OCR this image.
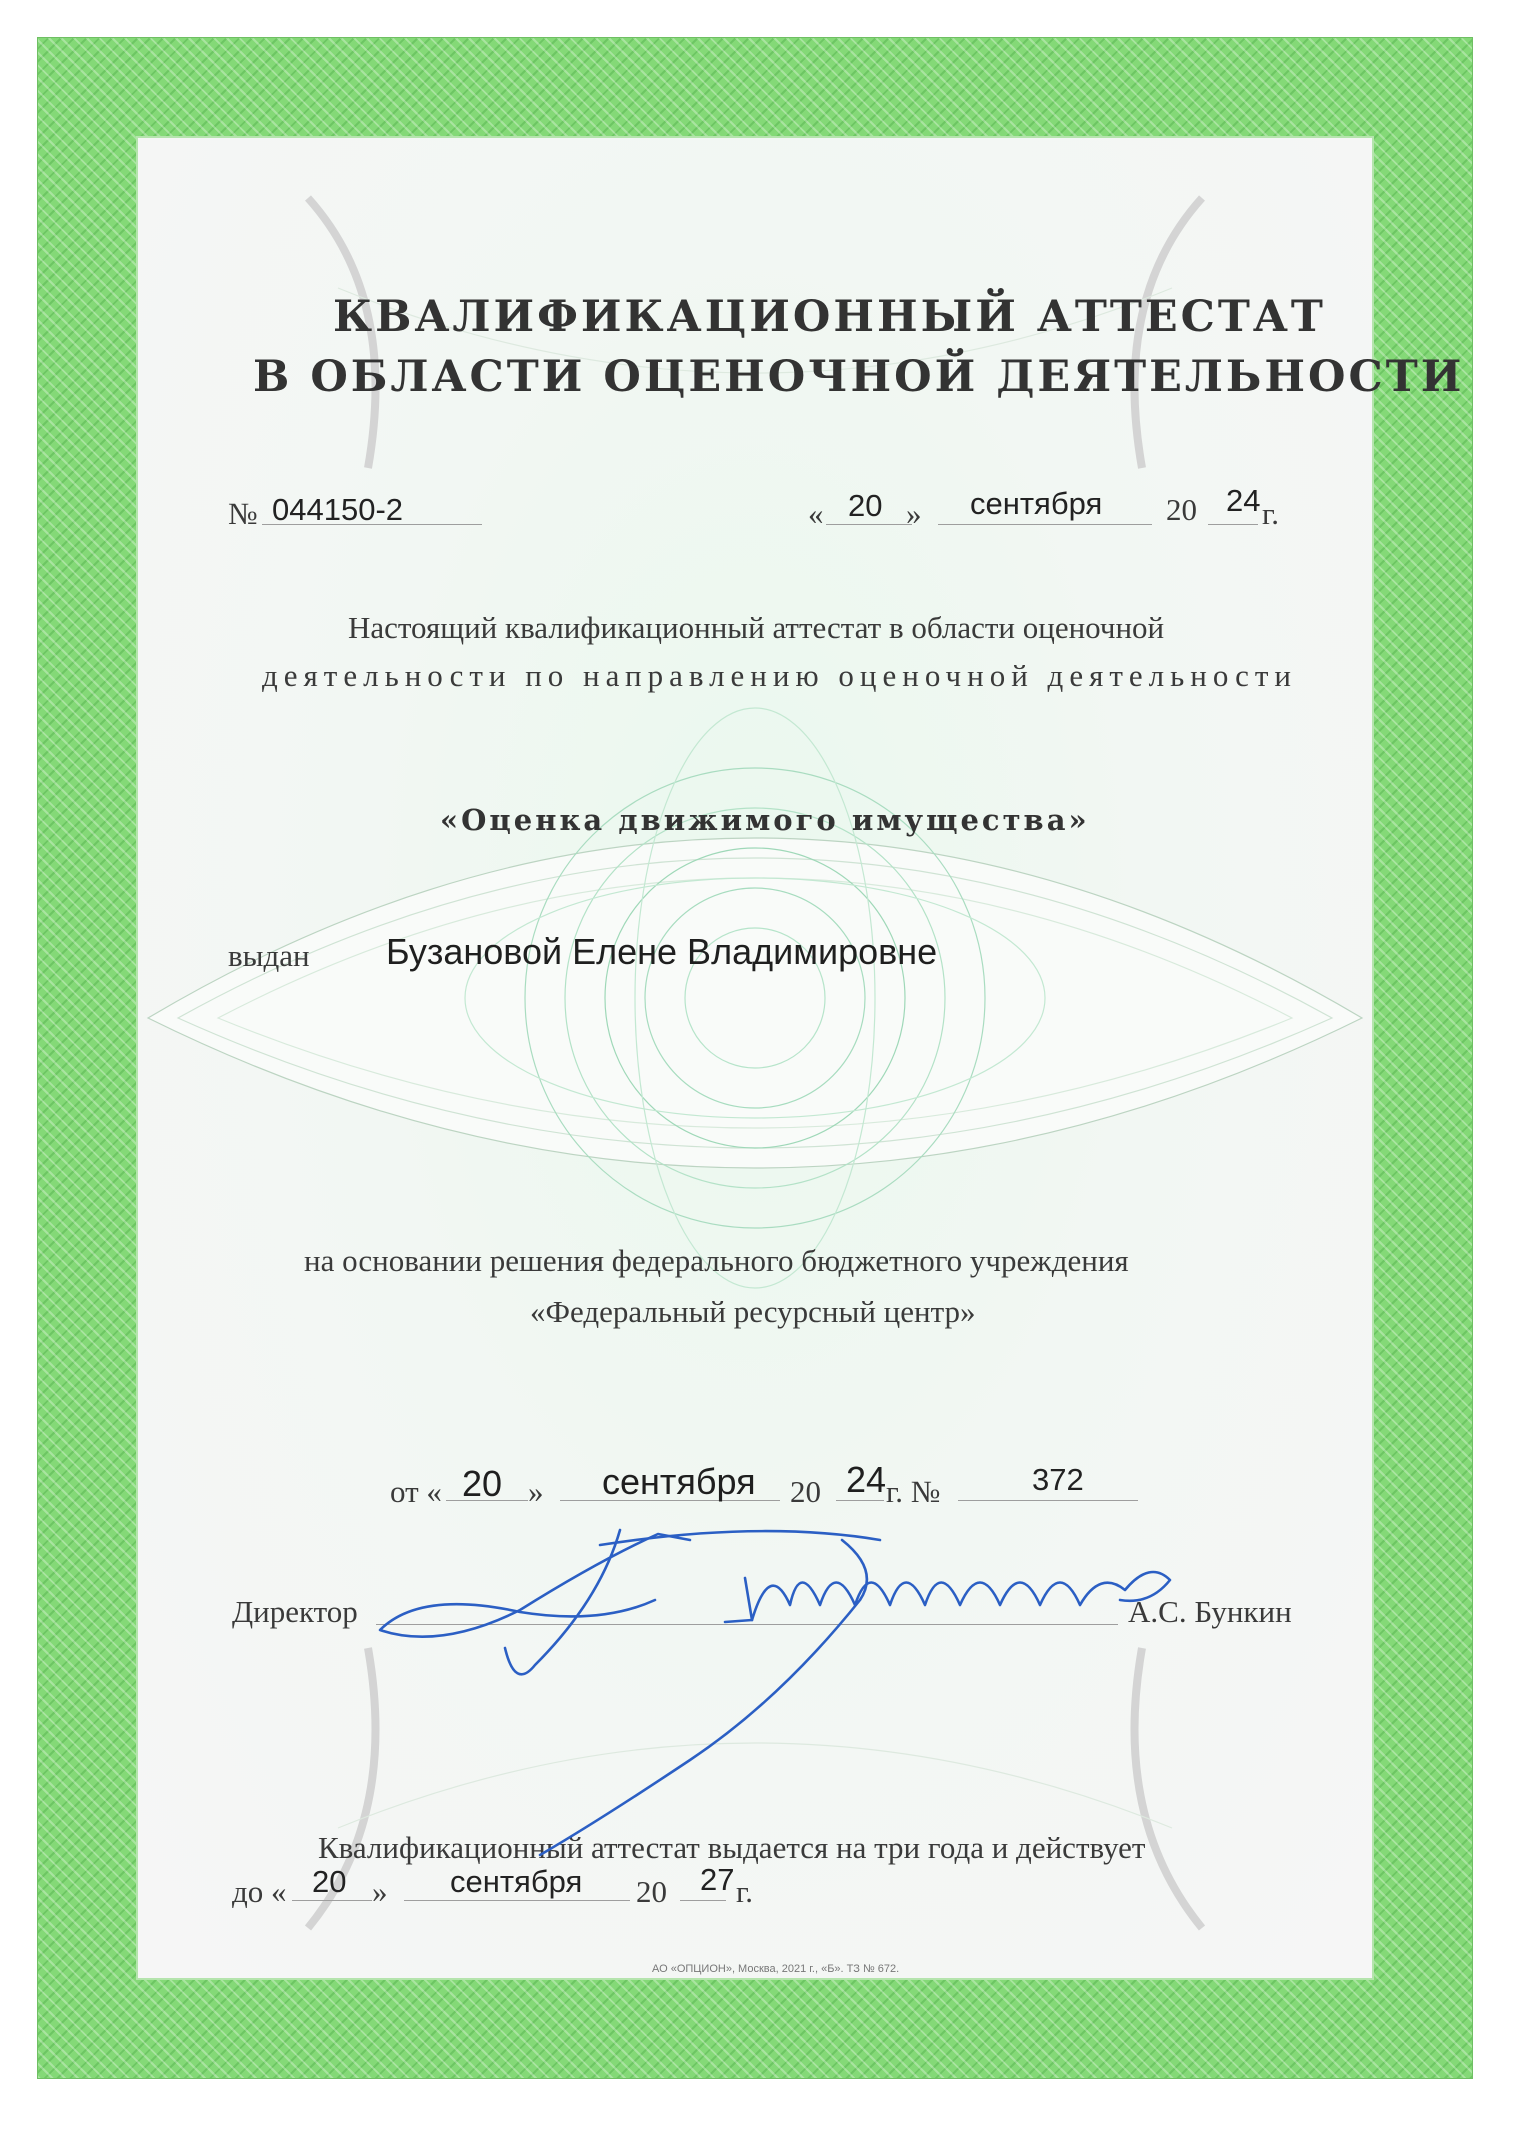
КВАЛИФИКАЦИОННЫЙ АТТЕСТАТ
В ОБЛАСТИ ОЦЕНОЧНОЙ ДЕЯТЕЛЬНОСТИ
№ 044150-2	« 20 » сентября 20 24 г.
Настоящий квалификационный аттестат в области оценочной
деятельности по направлению оценочной деятельности
«Оценка движимого имущества»
выдан Бузановой Елене Владимировне
на основании решения федерального бюджетного учреждения
«Федеральный ресурсный центр»
от « 20 » сентября 20 24 г. №	372
Директор	А.С. Бункин
Квалификационный аттестат выдается на три года и действует
до « 20 » сентября 20 27 г.
АО «ОПЦИОН», Москва, 2021 г., «Б». ТЗ № 672.
